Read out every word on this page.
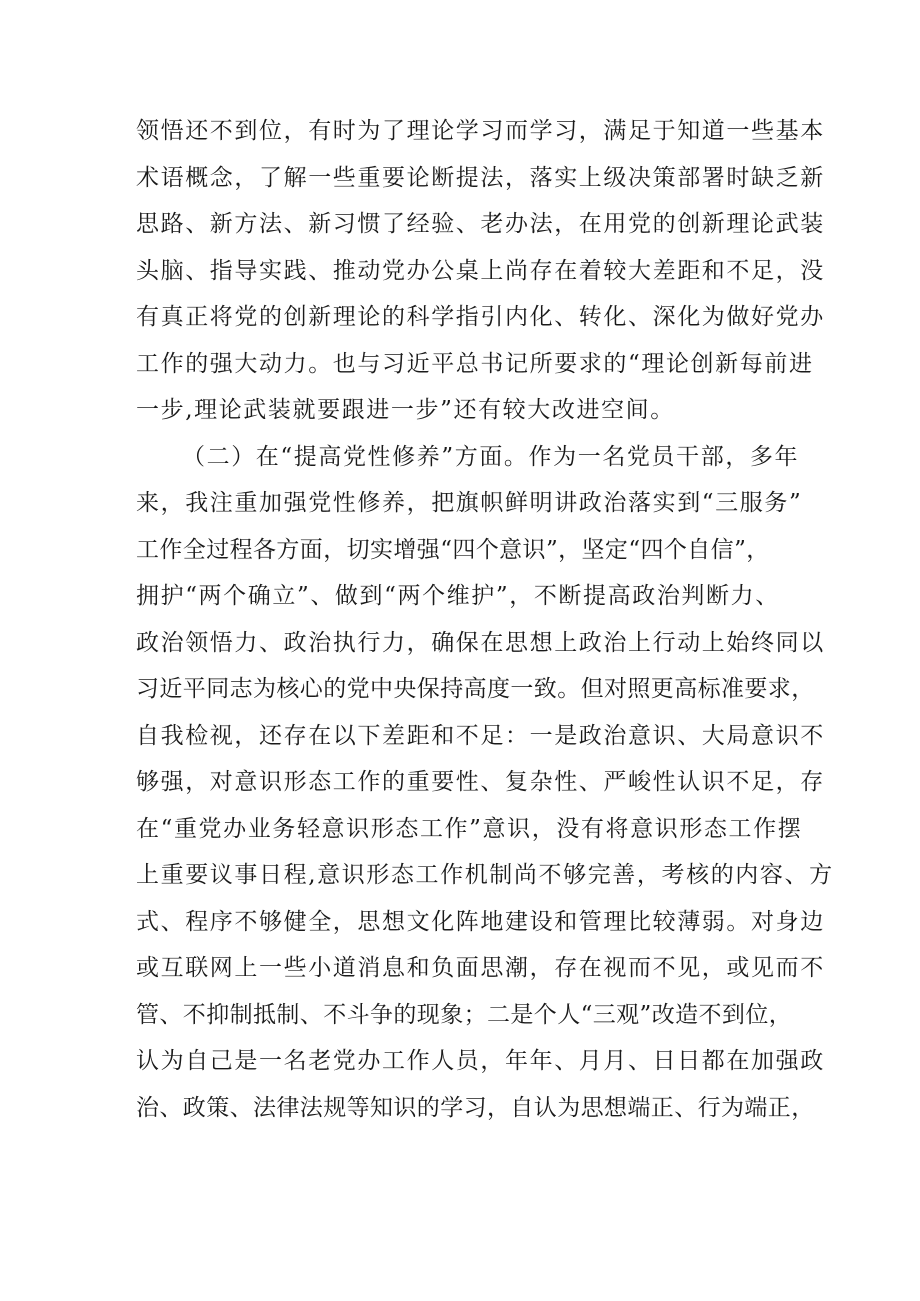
领悟还不到位，有时为了理论学习而学习，满足于知道一些基本
术语概念，了解一些重要论断提法，落实上级决策部署时缺乏新
思路、新方法、新习惯了经验、老办法，在用党的创新理论武装
头脑、指导实践、推动党办公桌上尚存在着较大差距和不足，没
有真正将党的创新理论的科学指引内化、转化、深化为做好党办
工作的强大动力。也与习近平总书记所要求的“理论创新每前进
一步,理论武装就要跟进一步”还有较大改进空间。
（二）在“提高党性修养”方面。作为一名党员干部，多年
来，我注重加强党性修养，把旗帜鲜明讲政治落实到“三服务”
工作全过程各方面，切实增强“四个意识”，坚定“四个自信”，
拥护“两个确立”、做到“两个维护”，不断提高政治判断力、
政治领悟力、政治执行力，确保在思想上政治上行动上始终同以
习近平同志为核心的党中央保持高度一致。但对照更高标准要求，
自我检视，还存在以下差距和不足：一是政治意识、大局意识不
够强，对意识形态工作的重要性、复杂性、严峻性认识不足，存
在“重党办业务轻意识形态工作”意识，没有将意识形态工作摆
上重要议事日程,意识形态工作机制尚不够完善，考核的内容、方
式、程序不够健全，思想文化阵地建设和管理比较薄弱。对身边
或互联网上一些小道消息和负面思潮，存在视而不见，或见而不
管、不抑制抵制、不斗争的现象；二是个人“三观”改造不到位，
认为自己是一名老党办工作人员，年年、月月、日日都在加强政
治、政策、法律法规等知识的学习，自认为思想端正、行为端正，
